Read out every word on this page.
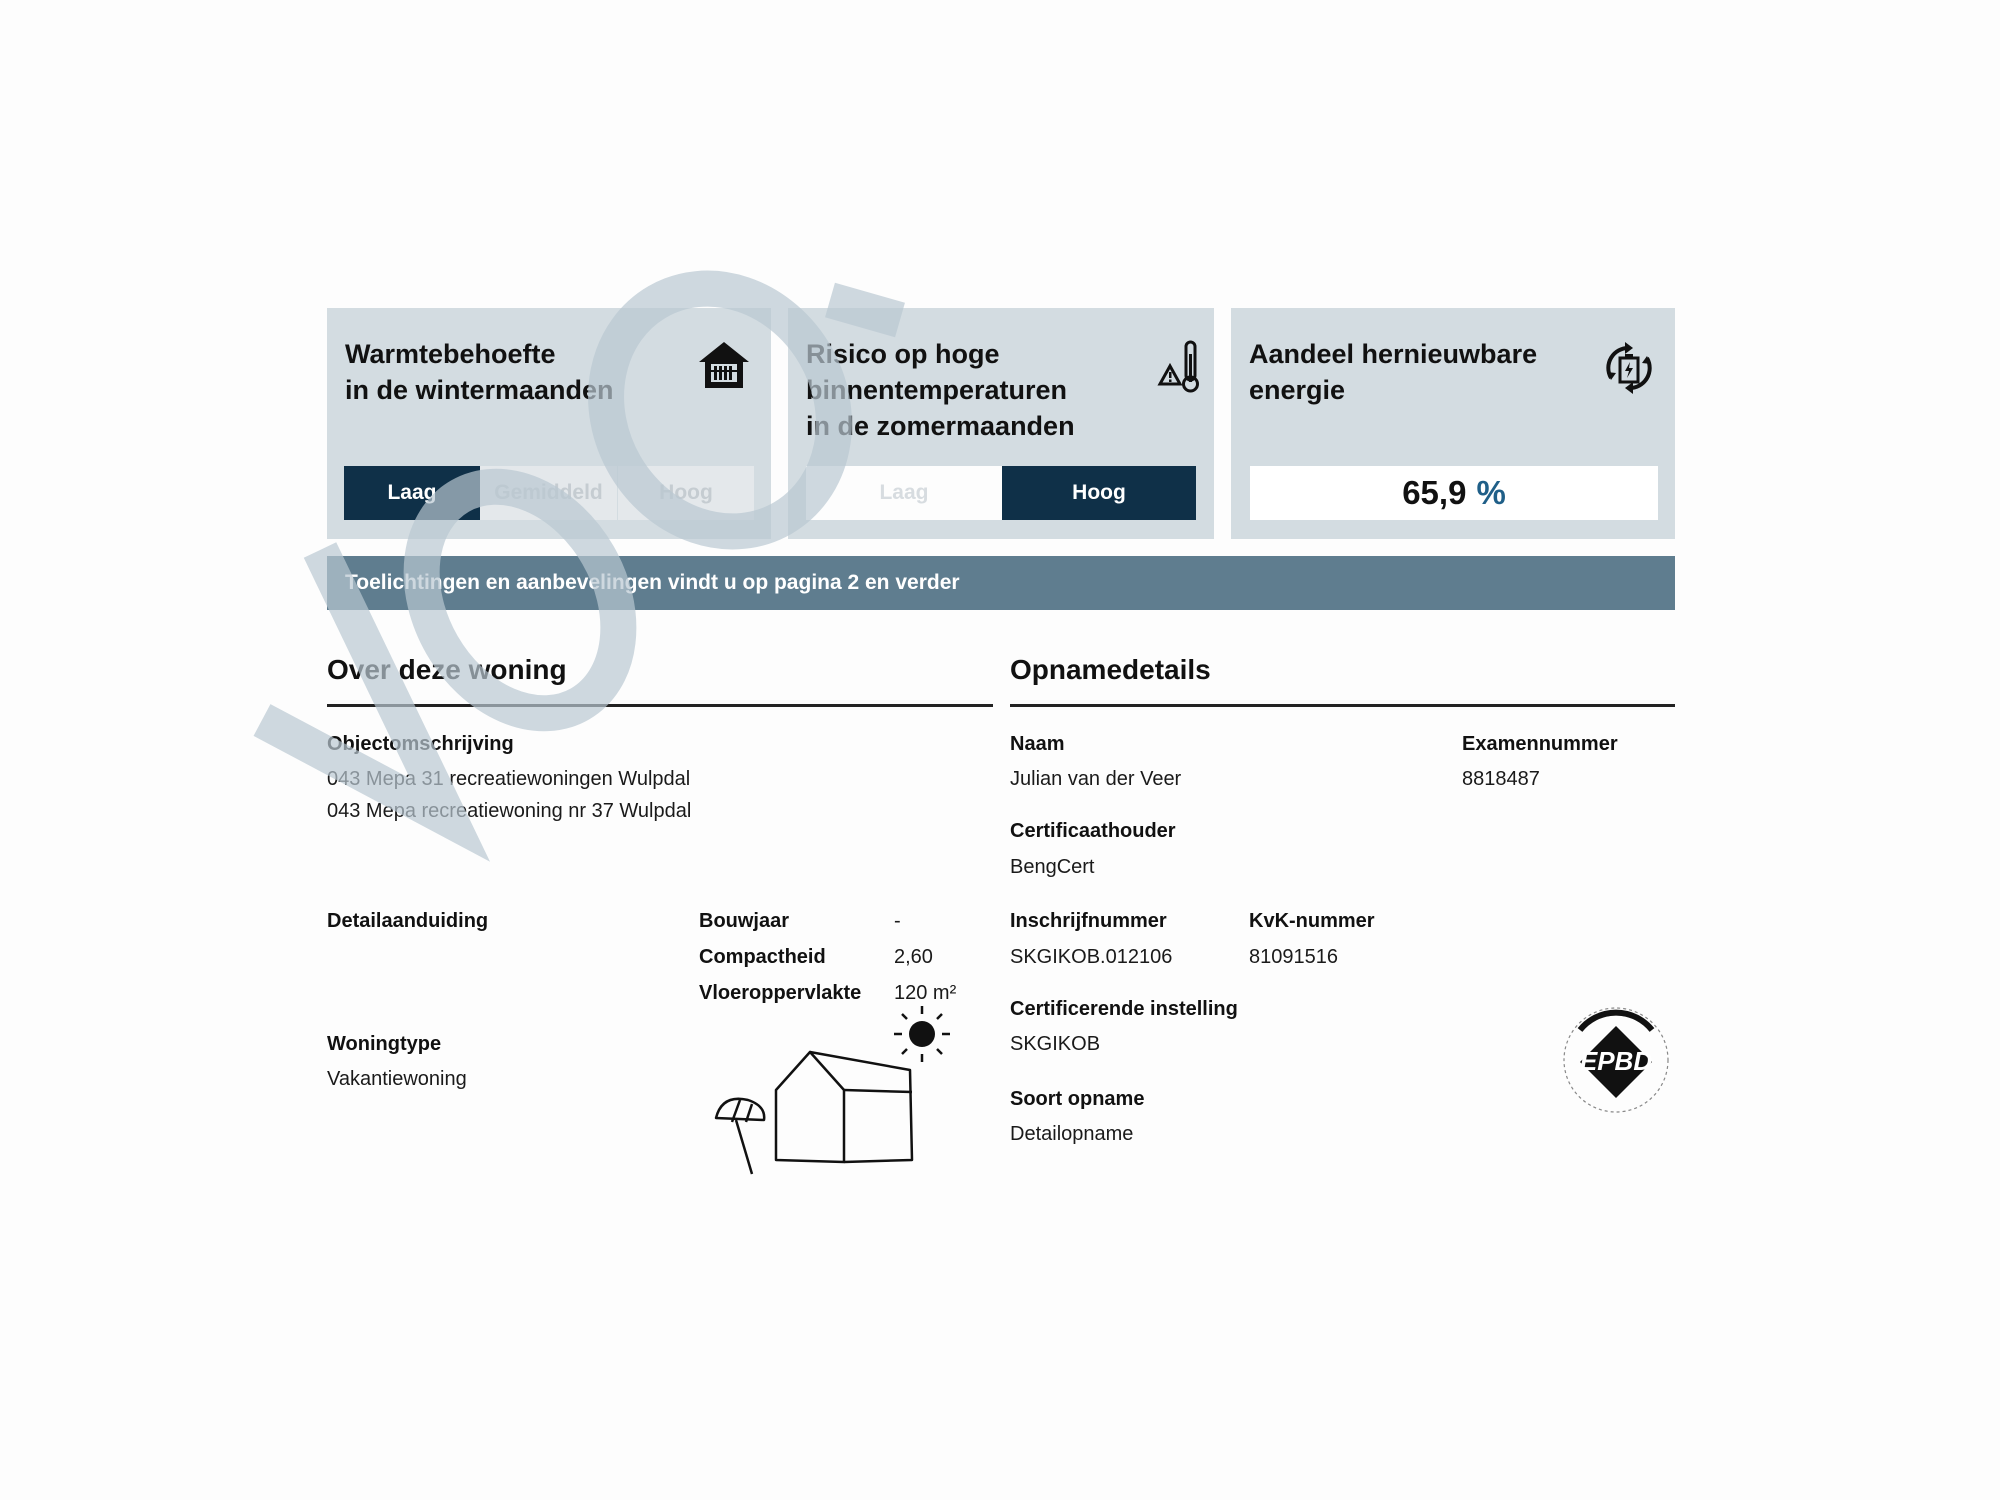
Warmtebehoefte
in de wintermaanden
Laag	Gemiddeld	Hoog
Risico op hoge
binnentemperaturen
in de zomermaanden
Laag	Hoog
Aandeel hernieuwbare
energie
65,9 %
Toelichtingen en aanbevelingen vindt u op pagina 2 en verder
Over deze woning
Objectomschrijving
043 Mepa 31 recreatiewoningen Wulpdal
043 Mepa recreatiewoning nr 37 Wulpdal
Detailaanduiding	Bouwjaar	-
Compactheid	2,60
Vloeroppervlakte 120 m²
Woningtype
Vakantiewoning
Opnamedetails
Naam
Julian van der Veer
Examennummer
8818487
Certificaathouder
BengCert
Inschrijfnummer
SKGIKOB.012106
KvK-nummer
81091516
Certificerende instelling
SKGIKOB
Soort opname
Detailopname
EPBD
